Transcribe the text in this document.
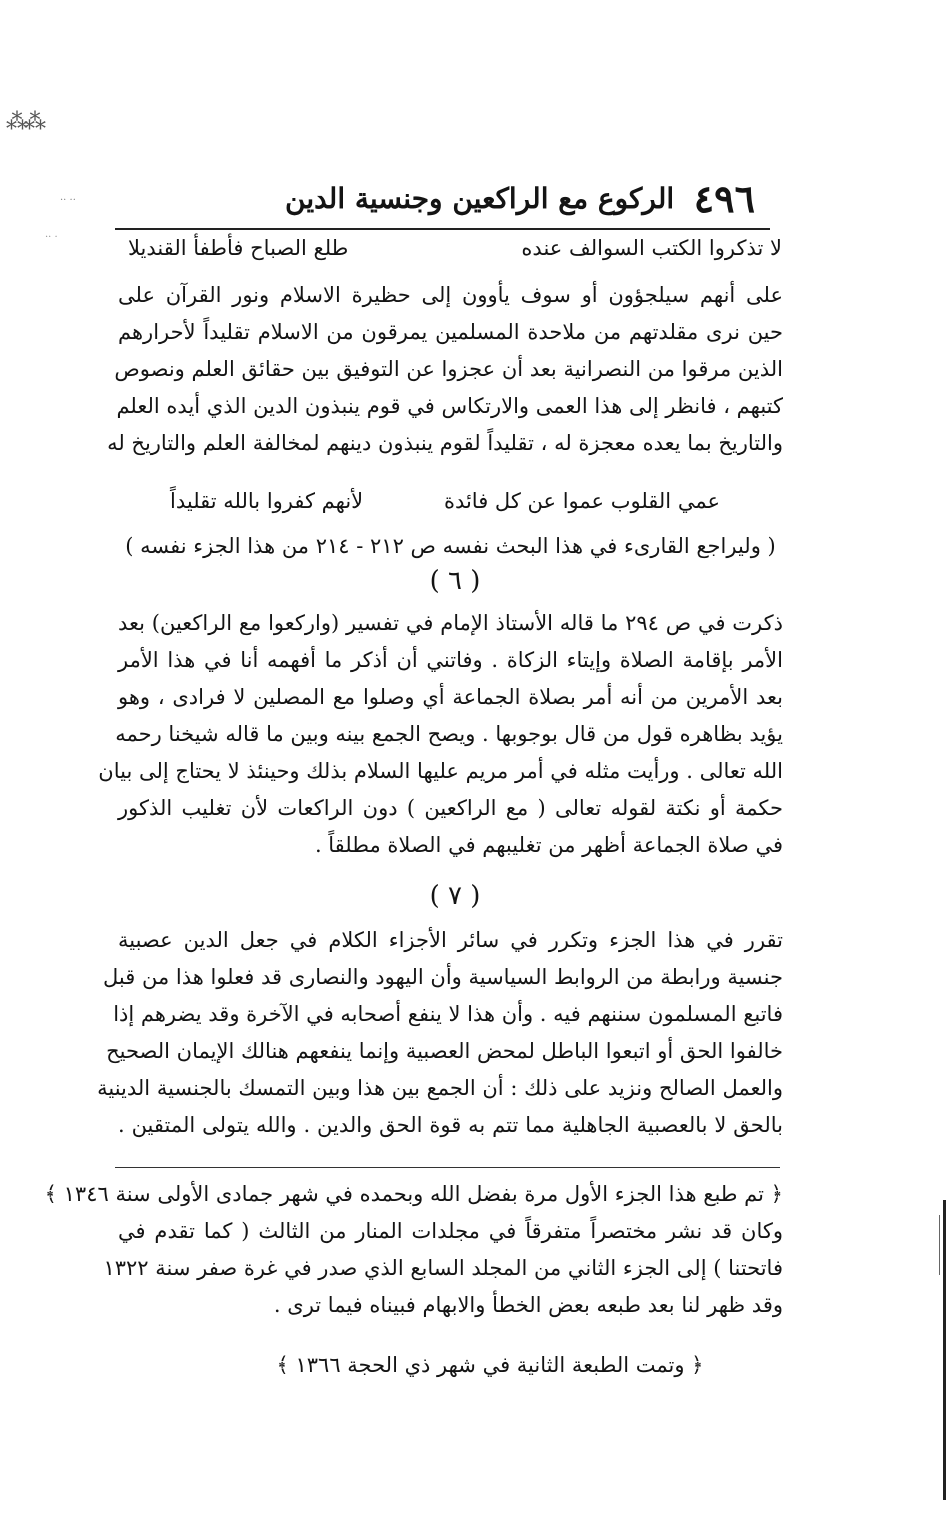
⁂⁂
·· ··
·· ·
٤٩٦
الركوع مع الراكعين وجنسية الدين
لا تذكروا الكتب السوالف عنده
طلع الصباح فأطفأ القنديلا
على أنهم سيلجؤون أو سوف يأوون إلى حظيرة الاسلام ونور القرآن على
حين نرى مقلدتهم من ملاحدة المسلمين يمرقون من الاسلام تقليداً لأحرارهم
الذين مرقوا من النصرانية بعد أن عجزوا عن التوفيق بين حقائق العلم ونصوص
كتبهم ، فانظر إلى هذا العمى والارتكاس في قوم ينبذون الدين الذي أيده العلم
والتاريخ بما يعده معجزة له ، تقليداً لقوم ينبذون دينهم لمخالفة العلم والتاريخ له
عمي القلوب عموا عن كل فائدة
لأنهم كفروا بالله تقليداً
( وليراجع القارىء في هذا البحث نفسه ص ٢١٢ - ٢١٤ من هذا الجزء نفسه )
( ٦ )
ذكرت في ص ٢٩٤ ما قاله الأستاذ الإمام في تفسير (واركعوا مع الراكعين) بعد
الأمر بإقامة الصلاة وإيتاء الزكاة . وفاتني أن أذكر ما أفهمه أنا في هذا الأمر
بعد الأمرين من أنه أمر بصلاة الجماعة أي وصلوا مع المصلين لا فرادى ، وهو
يؤيد بظاهره قول من قال بوجوبها . ويصح الجمع بينه وبين ما قاله شيخنا رحمه
الله تعالى . ورأيت مثله في أمر مريم عليها السلام بذلك وحينئذ لا يحتاج إلى بيان
حكمة أو نكتة لقوله تعالى ( مع الراكعين ) دون الراكعات لأن تغليب الذكور
في صلاة الجماعة أظهر من تغليبهم في الصلاة مطلقاً .
( ٧ )
تقرر في هذا الجزء وتكرر في سائر الأجزاء الكلام في جعل الدين عصبية
جنسية ورابطة من الروابط السياسية وأن اليهود والنصارى قد فعلوا هذا من قبل
فاتبع المسلمون سننهم فيه . وأن هذا لا ينفع أصحابه في الآخرة وقد يضرهم إذا
خالفوا الحق أو اتبعوا الباطل لمحض العصبية وإنما ينفعهم هنالك الإيمان الصحيح
والعمل الصالح ونزيد على ذلك : أن الجمع بين هذا وبين التمسك بالجنسية الدينية
بالحق لا بالعصبية الجاهلية مما تتم به قوة الحق والدين . والله يتولى المتقين .
﴿ تم طبع هذا الجزء الأول مرة بفضل الله وبحمده في شهر جمادى الأولى سنة ١٣٤٦ ﴾
وكان قد نشر مختصراً متفرقاً في مجلدات المنار من الثالث ( كما تقدم في
فاتحتنا ) إلى الجزء الثاني من المجلد السابع الذي صدر في غرة صفر سنة ١٣٢٢
وقد ظهر لنا بعد طبعه بعض الخطأ والابهام فبيناه فيما ترى .
﴿ وتمت الطبعة الثانية في شهر ذي الحجة ١٣٦٦ ﴾
